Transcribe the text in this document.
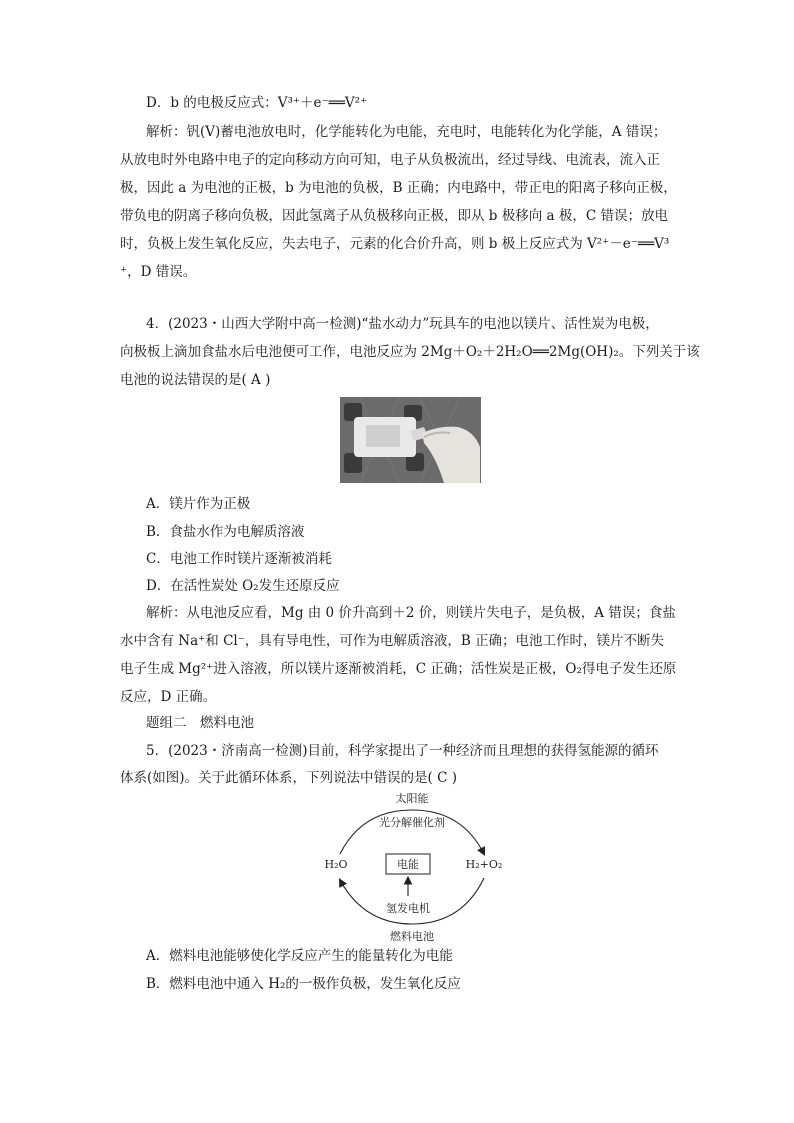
D．b 的电极反应式：V³⁺＋e⁻══V²⁺
解析：钒(V)蓄电池放电时，化学能转化为电能，充电时，电能转化为化学能，A 错误；
从放电时外电路中电子的定向移动方向可知，电子从负极流出，经过导线、电流表，流入正
极，因此 a 为电池的正极，b 为电池的负极，B 正确；内电路中，带正电的阳离子移向正极，
带负电的阴离子移向负极，因此氢离子从负极移向正极，即从 b 极移向 a 极，C 错误；放电
时，负极上发生氧化反应，失去电子，元素的化合价升高，则 b 极上反应式为 V²⁺－e⁻══V³
⁺，D 错误。
4．(2023・山西大学附中高一检测)“盐水动力”玩具车的电池以镁片、活性炭为电极，
向极板上滴加食盐水后电池便可工作，电池反应为 2Mg＋O₂＋2H₂O══2Mg(OH)₂。下列关于该
电池的说法错误的是( A )
A．镁片作为正极
B．食盐水作为电解质溶液
C．电池工作时镁片逐渐被消耗
D．在活性炭处 O₂发生还原反应
解析：从电池反应看，Mg 由 0 价升高到＋2 价，则镁片失电子，是负极，A 错误；食盐
水中含有 Na⁺和 Cl⁻，具有导电性，可作为电解质溶液，B 正确；电池工作时，镁片不断失
电子生成 Mg²⁺进入溶液，所以镁片逐渐被消耗，C 正确；活性炭是正极，O₂得电子发生还原
反应，D 正确。
题组二　燃料电池
5．(2023・济南高一检测)目前，科学家提出了一种经济而且理想的获得氢能源的循环
体系(如图)。关于此循环体系，下列说法中错误的是( C )
太阳能
光分解催化剂
H₂O	电能	H₂+O₂
氢发电机
燃料电池
A．燃料电池能够使化学反应产生的能量转化为电能
B．燃料电池中通入 H₂的一极作负极，发生氧化反应
